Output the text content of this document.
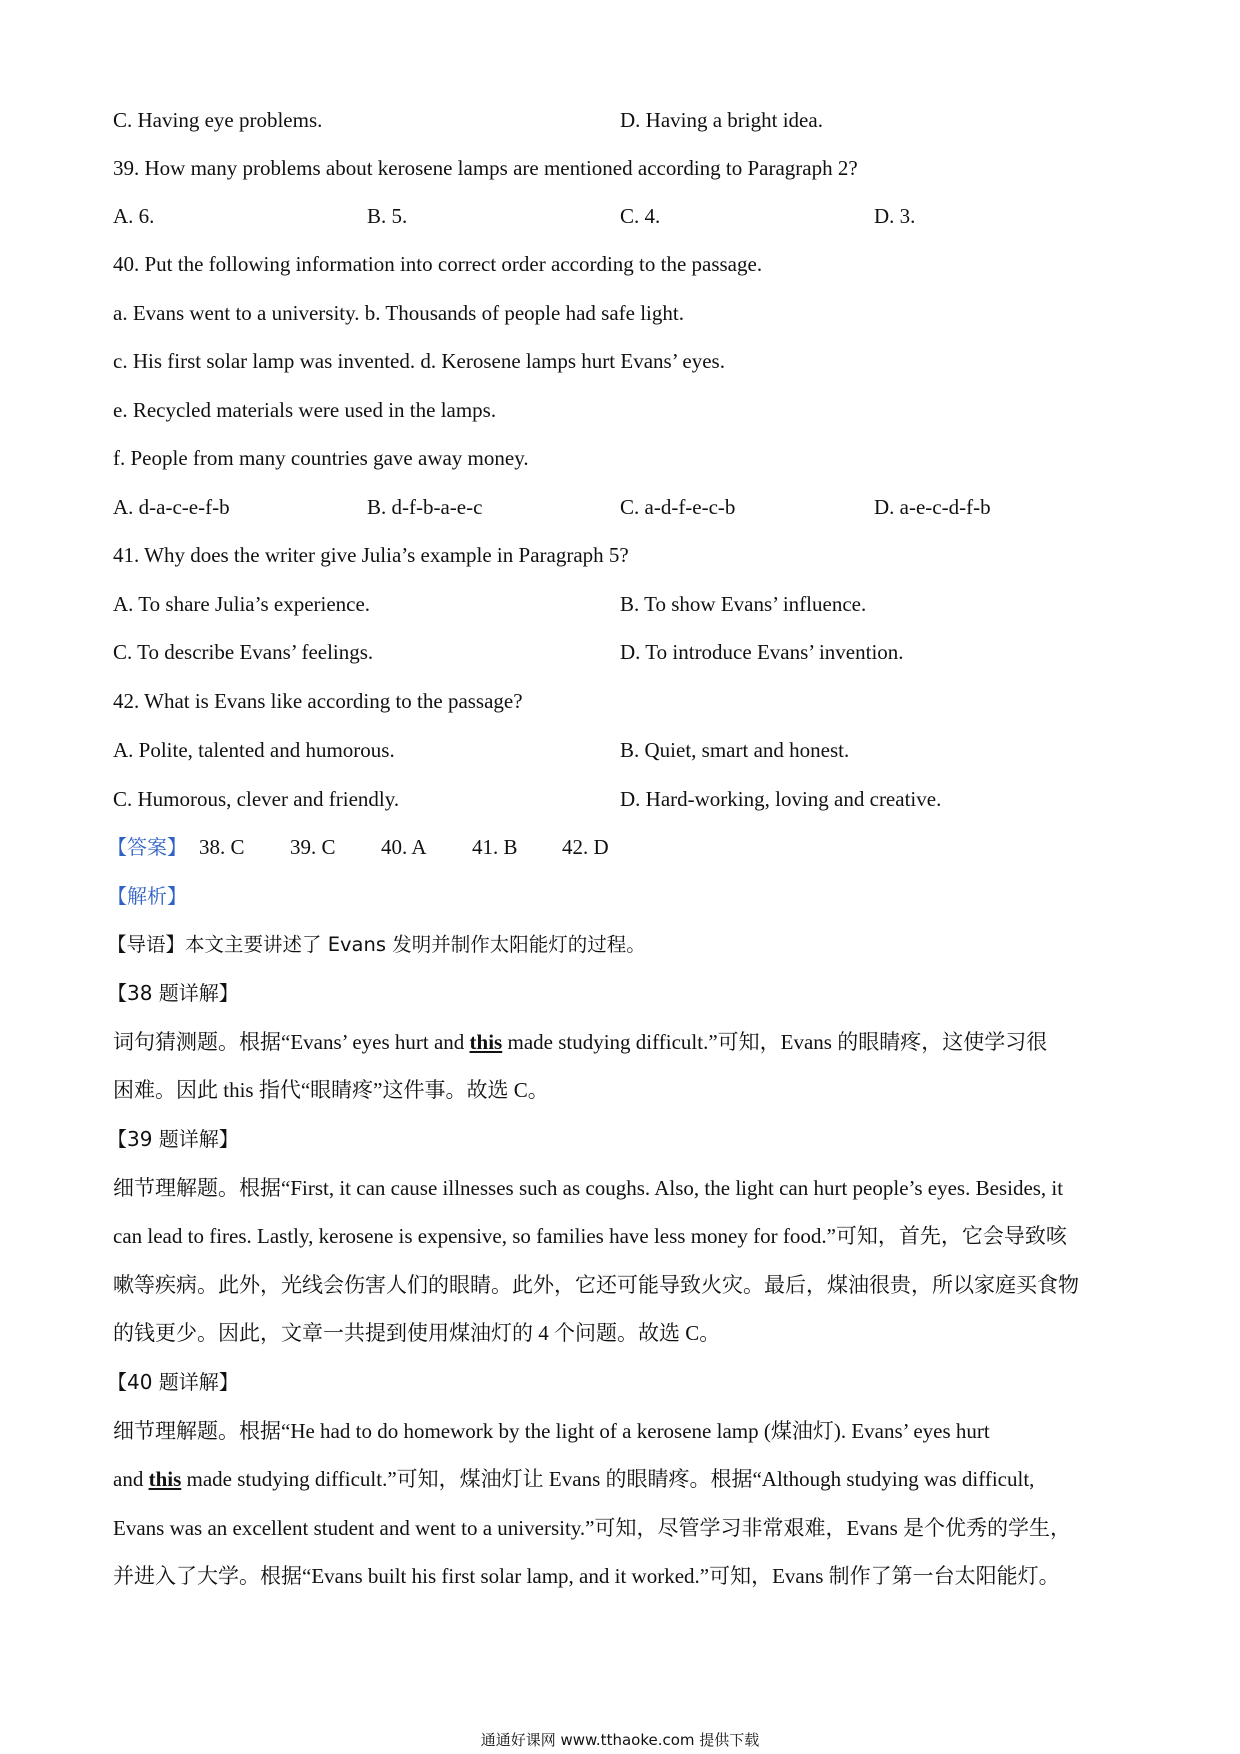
C. Having eye problems.	D. Having a bright idea.
39. How many problems about kerosene lamps are mentioned according to Paragraph 2?
A. 6.	B. 5.	C. 4.	D. 3.
40. Put the following information into correct order according to the passage.
a. Evans went to a university. b. Thousands of people had safe light.
c. His first solar lamp was invented. d. Kerosene lamps hurt Evans’ eyes.
e. Recycled materials were used in the lamps.
f. People from many countries gave away money.
A. d-a-c-e-f-b	B. d-f-b-a-e-c	C. a-d-f-e-c-b	D. a-e-c-d-f-b
41. Why does the writer give Julia’s example in Paragraph 5?
A. To share Julia’s experience.	B. To show Evans’ influence.
C. To describe Evans’ feelings.	D. To introduce Evans’ invention.
42. What is Evans like according to the passage?
A. Polite, talented and humorous.	B. Quiet, smart and honest.
C. Humorous, clever and friendly.	D. Hard-working, loving and creative.
【答案】 38. C 39. C 40. A 41. B 42. D
【解析】
【导语】本文主要讲述了 Evans 发明并制作太阳能灯的过程。
【38 题详解】
词句猜测题。根据“Evans’ eyes hurt and this made studying difficult.”可知，Evans 的眼睛疼，这使学习很
困难。因此 this 指代“眼睛疼”这件事。故选 C。
【39 题详解】
细节理解题。根据“First, it can cause illnesses such as coughs. Also, the light can hurt people’s eyes. Besides, it
can lead to fires. Lastly, kerosene is expensive, so families have less money for food.”可知，首先，它会导致咳
嗽等疾病。此外，光线会伤害人们的眼睛。此外，它还可能导致火灾。最后，煤油很贵，所以家庭买食物
的钱更少。因此，文章一共提到使用煤油灯的 4 个问题。故选 C。
【40 题详解】
细节理解题。根据“He had to do homework by the light of a kerosene lamp (煤油灯). Evans’ eyes hurt
and this made studying difficult.”可知，煤油灯让 Evans 的眼睛疼。根据“Although studying was difficult,
Evans was an excellent student and went to a university.”可知，尽管学习非常艰难，Evans 是个优秀的学生，
并进入了大学。根据“Evans built his first solar lamp, and it worked.”可知，Evans 制作了第一台太阳能灯。
通通好课网 www.tthaoke.com 提供下载
